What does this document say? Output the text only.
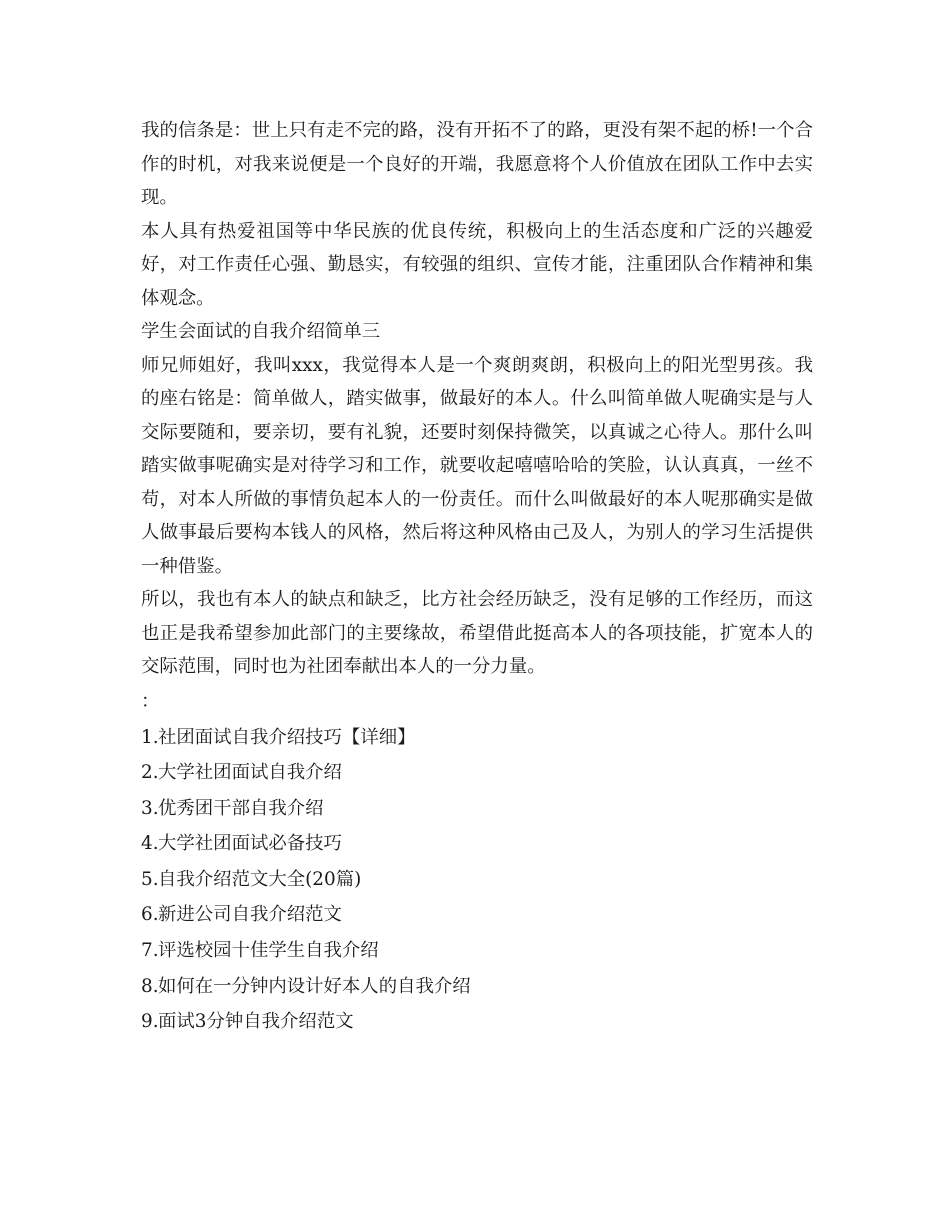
我的信条是：世上只有走不完的路，没有开拓不了的路，更没有架不起的桥!一个合作的时机，对我来说便是一个良好的开端，我愿意将个人价值放在团队工作中去实现。

本人具有热爱祖国等中华民族的优良传统，积极向上的生活态度和广泛的兴趣爱好，对工作责任心强、勤恳实，有较强的组织、宣传才能，注重团队合作精神和集体观念。

学生会面试的自我介绍简单三

师兄师姐好，我叫xxx，我觉得本人是一个爽朗爽朗，积极向上的阳光型男孩。我的座右铭是：简单做人，踏实做事，做最好的本人。什么叫简单做人呢确实是与人交际要随和，要亲切，要有礼貌，还要时刻保持微笑，以真诚之心待人。那什么叫踏实做事呢确实是对待学习和工作，就要收起嘻嘻哈哈的笑脸，认认真真，一丝不苟，对本人所做的事情负起本人的一份责任。而什么叫做最好的本人呢那确实是做人做事最后要构本钱人的风格，然后将这种风格由己及人，为别人的学习生活提供一种借鉴。

所以，我也有本人的缺点和缺乏，比方社会经历缺乏，没有足够的工作经历，而这也正是我希望参加此部门的主要缘故，希望借此挺高本人的各项技能，扩宽本人的交际范围，同时也为社团奉献出本人的一分力量。

：

1.社团面试自我介绍技巧【详细】
2.大学社团面试自我介绍
3.优秀团干部自我介绍
4.大学社团面试必备技巧
5.自我介绍范文大全(20篇)
6.新进公司自我介绍范文
7.评选校园十佳学生自我介绍
8.如何在一分钟内设计好本人的自我介绍
9.面试3分钟自我介绍范文
